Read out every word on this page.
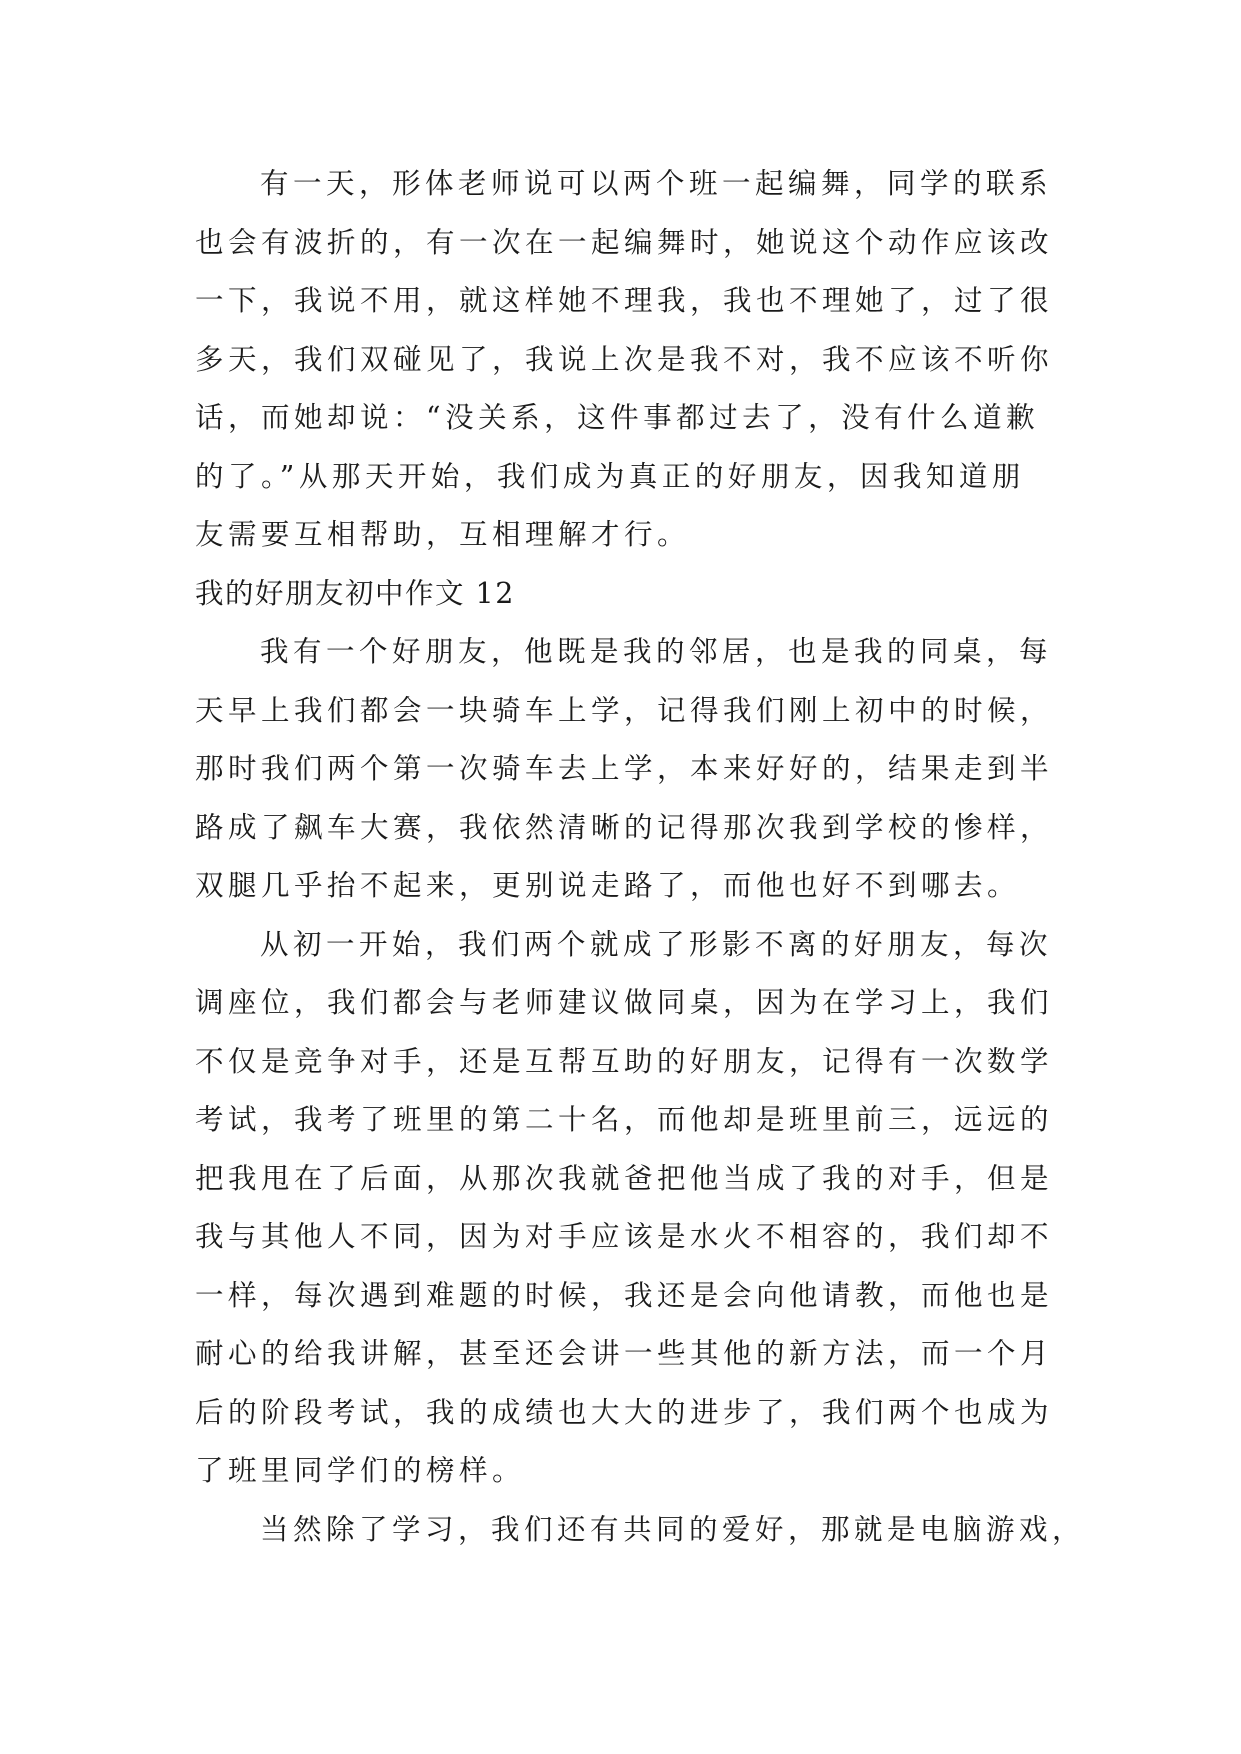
有一天，形体老师说可以两个班一起编舞，同学的联系
也会有波折的，有一次在一起编舞时，她说这个动作应该改
一下，我说不用，就这样她不理我，我也不理她了，过了很
多天，我们双碰见了，我说上次是我不对，我不应该不听你
话，而她却说：“没关系，这件事都过去了，没有什么道歉
的了。”从那天开始，我们成为真正的好朋友，因我知道朋
友需要互相帮助，互相理解才行。
我的好朋友初中作文 12
我有一个好朋友，他既是我的邻居，也是我的同桌，每
天早上我们都会一块骑车上学，记得我们刚上初中的时候，
那时我们两个第一次骑车去上学，本来好好的，结果走到半
路成了飙车大赛，我依然清晰的记得那次我到学校的惨样，
双腿几乎抬不起来，更别说走路了，而他也好不到哪去。
从初一开始，我们两个就成了形影不离的好朋友，每次
调座位，我们都会与老师建议做同桌，因为在学习上，我们
不仅是竞争对手，还是互帮互助的好朋友，记得有一次数学
考试，我考了班里的第二十名，而他却是班里前三，远远的
把我甩在了后面，从那次我就爸把他当成了我的对手，但是
我与其他人不同，因为对手应该是水火不相容的，我们却不
一样，每次遇到难题的时候，我还是会向他请教，而他也是
耐心的给我讲解，甚至还会讲一些其他的新方法，而一个月
后的阶段考试，我的成绩也大大的进步了，我们两个也成为
了班里同学们的榜样。
当然除了学习，我们还有共同的爱好，那就是电脑游戏，
